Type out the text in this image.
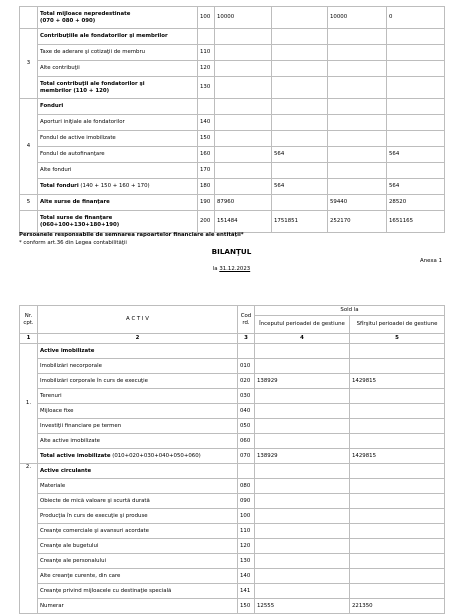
	Total mijloace nepredestinate
(070 + 080 + 090)	100	10000		10000	0
3	Contribuţiile ale fondatorilor şi membrilor					
	Taxe de aderare şi cotizaţii de membru	110				
	Alte contribuţii	120				

	Total contribuţii ale fondatorilor şi
membrilor (110 + 120)	130				
4	Fonduri					
	Aporturi iniţiale ale fondatorilor	140				
	Fondul de active imobilizate	150				
	Fondul de autofinanţare	160		564		564
	Alte fonduri	170				
	Total fonduri (140 + 150 + 160 + 170)	180		564		564
5	Alte surse de finanţare	190	87960		59440	28520

	Total surse de finanţare
(060+100+130+180+190)	200	151484	1751851	252170	1651165
Persoanele responsabile de semnarea rapoartelor financiare ale entităţii*
* conform art.36 din Legea contabilităţii
BILANŢUL
Anexa 1
la 31.12.2023
Nr. cpt.	A C T I V	Cod rd.	Sold la	
			Începutul perioadei de gestiune	Sfîrşitul perioadei de gestiune
1	2	3	4	5
1.	Active imobilizate			
	Imobilizări necorporale	010		
	Imobilizări corporale în curs de execuţie	020	138929	1429815
	Terenuri	030		
	Mijloace fixe	040		
	Investiţii financiare pe termen	050		
	Alte active imobilizate	060		
	Total active imobilizate (010+020+030+040+050+060)	070	138929	1429815
2.	Active circulante			
	Materiale	080		
	Obiecte de mică valoare şi scurtă durată	090		
	Producţia în curs de execuţie şi produse	100		
	Creanţe comerciale şi avansuri acordate	110		
	Creanţe ale bugetului	120		
	Creanţe ale personalului	130		
	Alte creanţe curente, din care	140		
	Creanţe privind mijloacele cu destinaţie specială	141		
	Numerar	150	12555	221350
